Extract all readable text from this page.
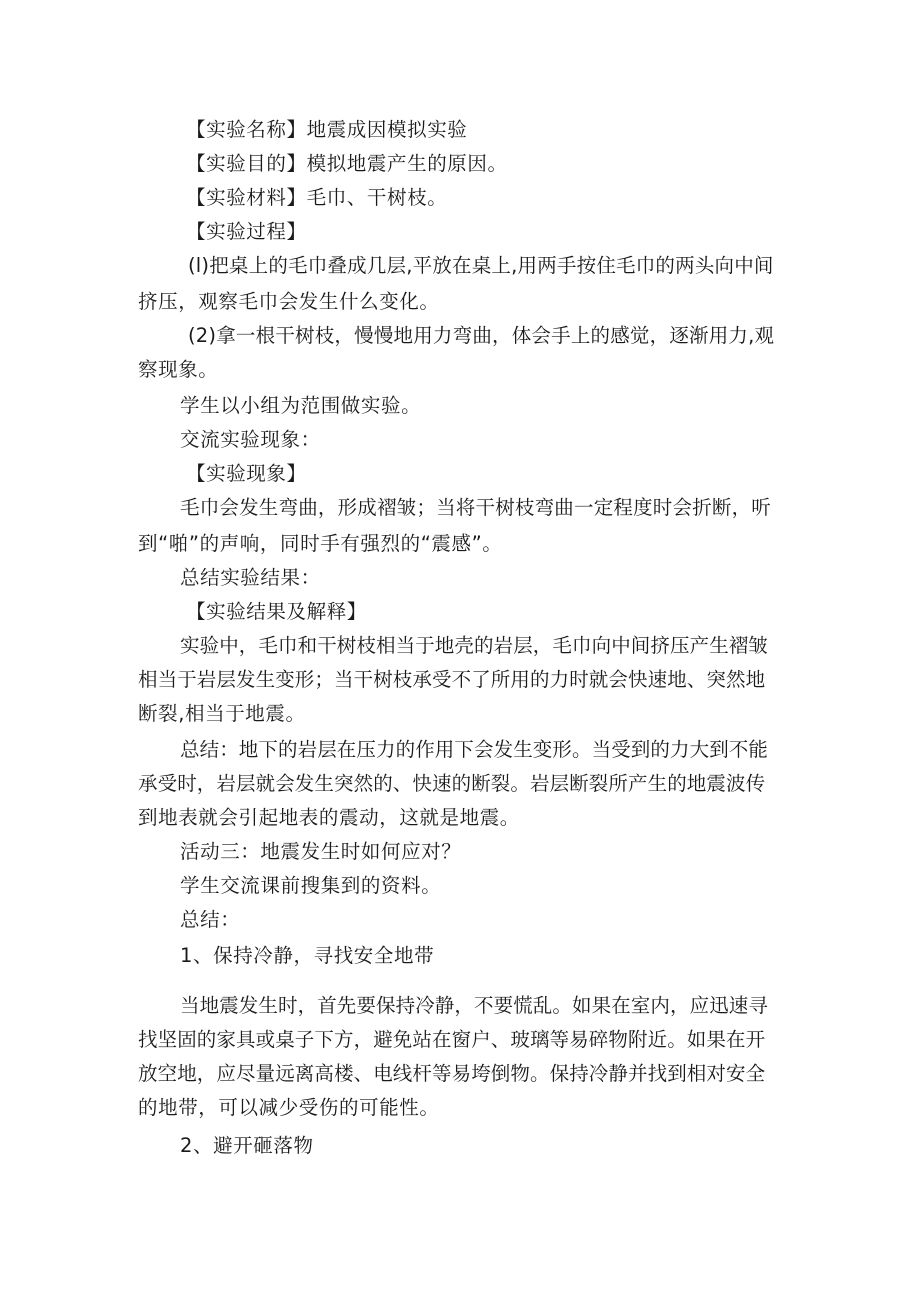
【实验名称】地震成因模拟实验
【实验目的】模拟地震产生的原因。
【实验材料】毛巾、干树枝。
【实验过程】
(l)把桌上的毛巾叠成几层,平放在桌上,用两手按住毛巾的两头向中间
挤压，观察毛巾会发生什么变化。
(2)拿一根干树枝，慢慢地用力弯曲，体会手上的感觉，逐渐用力,观
察现象。
学生以小组为范围做实验。
交流实验现象：
【实验现象】
毛巾会发生弯曲，形成褶皱；当将干树枝弯曲一定程度时会折断，听
到“啪”的声响，同时手有强烈的“震感”。
总结实验结果：
【实验结果及解释】
实验中，毛巾和干树枝相当于地壳的岩层，毛巾向中间挤压产生褶皱
相当于岩层发生变形；当干树枝承受不了所用的力时就会快速地、突然地
断裂,相当于地震。
总结：地下的岩层在压力的作用下会发生变形。当受到的力大到不能
承受时，岩层就会发生突然的、快速的断裂。岩层断裂所产生的地震波传
到地表就会引起地表的震动，这就是地震。
活动三：地震发生时如何应对？
学生交流课前搜集到的资料。
总结：
1、保持冷静，寻找安全地带
当地震发生时，首先要保持冷静，不要慌乱。如果在室内，应迅速寻
找坚固的家具或桌子下方，避免站在窗户、玻璃等易碎物附近。如果在开
放空地，应尽量远离高楼、电线杆等易垮倒物。保持冷静并找到相对安全
的地带，可以减少受伤的可能性。
2、避开砸落物
